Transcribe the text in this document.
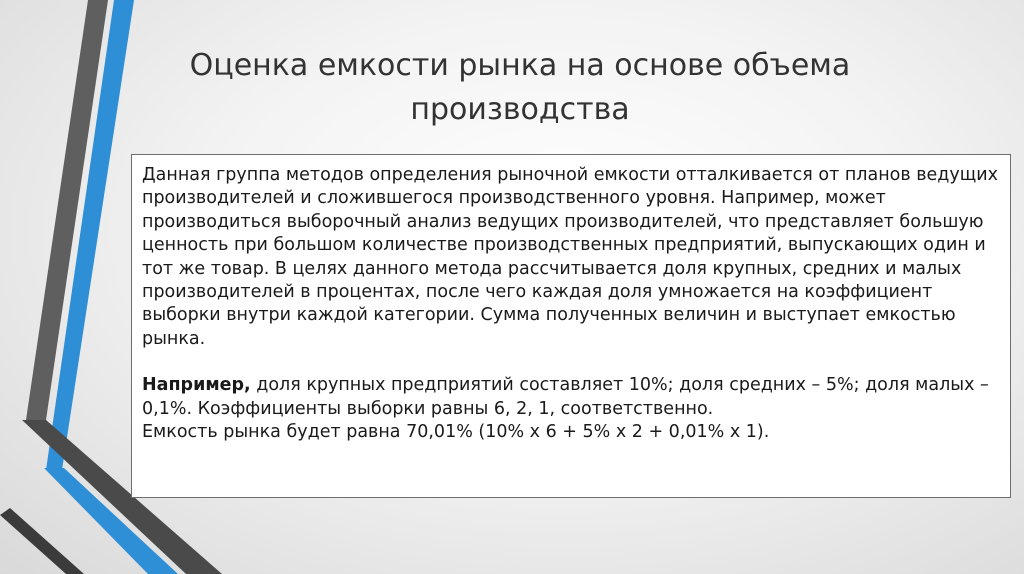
Оценка емкости рынка на основе объема
производства

Данная группа методов определения рыночной емкости отталкивается от планов ведущих производителей и сложившегося производственного уровня. Например, может производиться выборочный анализ ведущих производителей, что представляет большую ценность при большом количестве производственных предприятий, выпускающих один и тот же товар. В целях данного метода рассчитывается доля крупных, средних и малых производителей в процентах, после чего каждая доля умножается на коэффициент выборки внутри каждой категории. Сумма полученных величин и выступает емкостью рынка.

Например, доля крупных предприятий составляет 10%; доля средних – 5%; доля малых – 0,1%. Коэффициенты выборки равны 6, 2, 1, соответственно.
Емкость рынка будет равна 70,01% (10% х 6 + 5% х 2 + 0,01% х 1).
